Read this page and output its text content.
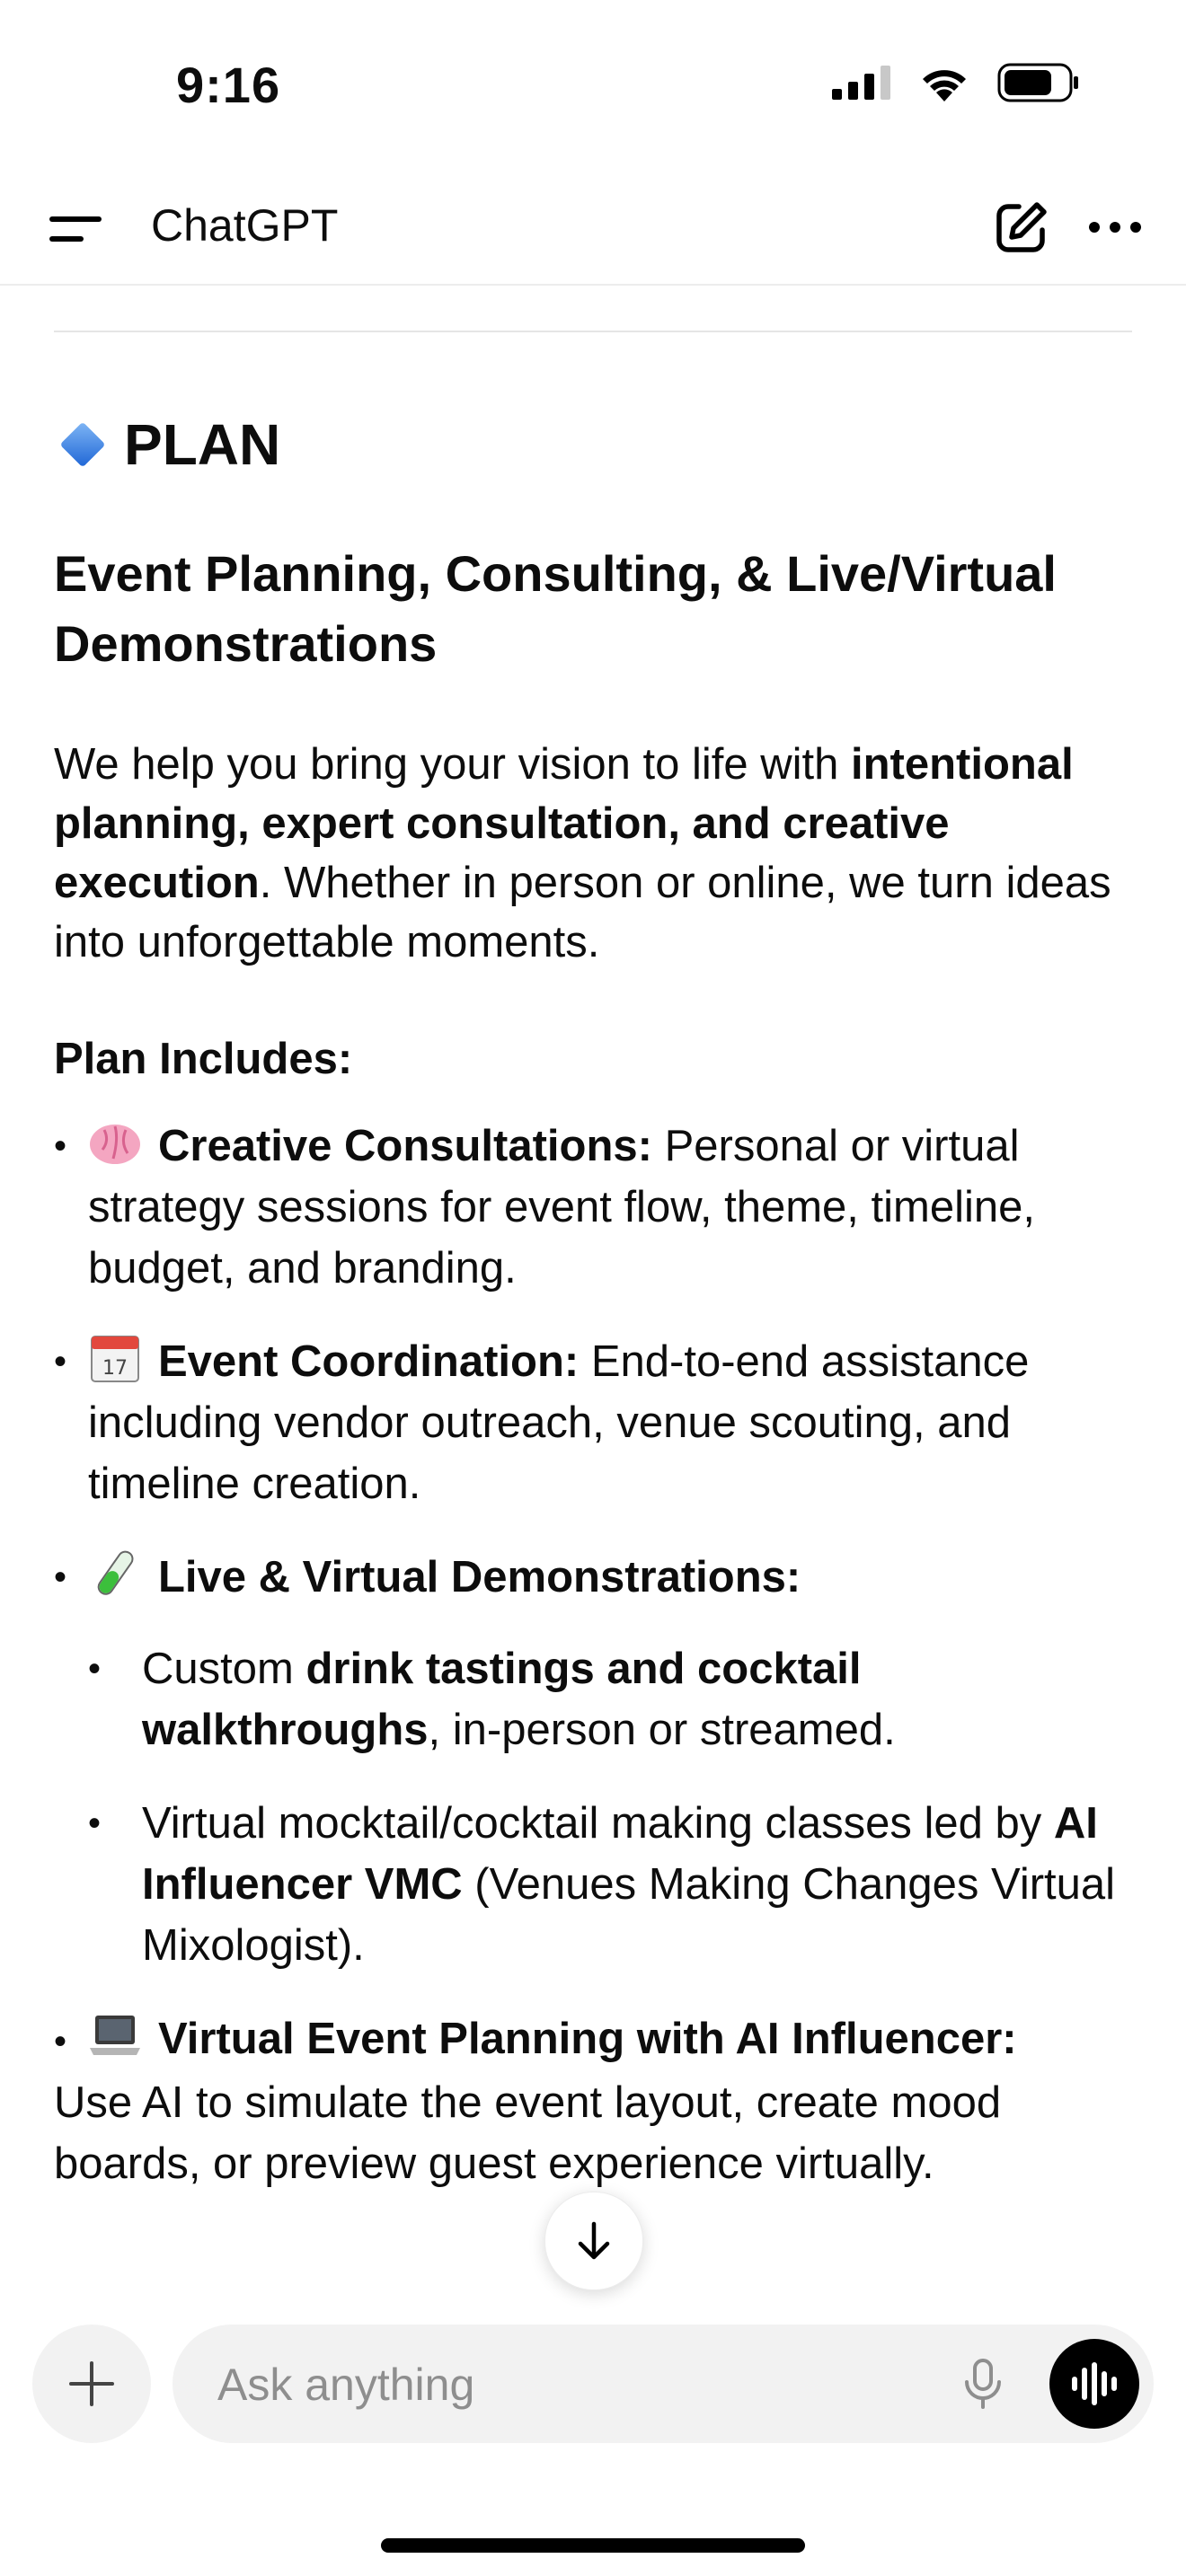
9:16
ChatGPT
PLAN
Event Planning, Consulting, & Live/Virtual Demonstrations
We help you bring your vision to life with intentional planning, expert consultation, and creative execution. Whether in person or online, we turn ideas into unforgettable moments.
Plan Includes:
• Creative Consultations: Personal or virtual strategy sessions for event flow, theme, timeline, budget, and branding.
• 17 Event Coordination: End-to-end assistance including vendor outreach, venue scouting, and timeline creation.
• Live & Virtual Demonstrations:
• Custom drink tastings and cocktail walkthroughs, in-person or streamed.
• Virtual mocktail/cocktail making classes led by AI Influencer VMC (Venues Making Changes Virtual Mixologist).
• Virtual Event Planning with AI Influencer:
Use AI to simulate the event layout, create mood boards, or preview guest experience virtually.
Ask anything
